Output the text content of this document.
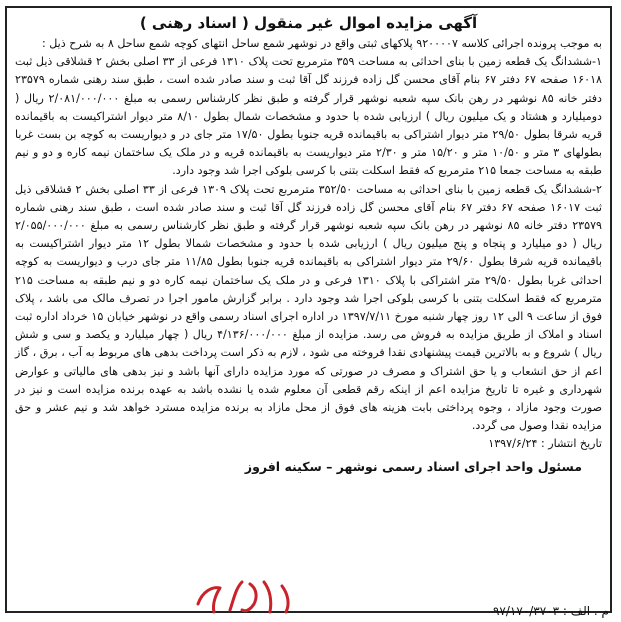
آگهی مزایده اموال غیر منقول ( اسناد رهنی )

به موجب پرونده اجرائی کلاسه ۹۲۰۰۰۰۷ پلاکهای ثبتی واقع در نوشهر شمع ساحل انتهای کوچه شمع ساحل ۸ به شرح ذیل :

۱-ششدانگ یک قطعه زمین با بنای احداثی به مساحت ۳۵۹ مترمربع تحت پلاک ۱۳۱۰ فرعی از ۳۳ اصلی بخش ۲ قشلاقی ذیل ثبت ۱۶۰۱۸ صفحه ۶۷ دفتر ۶۷ بنام آقای محسن گل زاده فرزند گل آقا ثبت و سند صادر شده است ، طبق سند رهنی شماره ۲۳۵۷۹ دفتر خانه ۸۵ نوشهر در رهن بانک سپه شعبه نوشهر قرار گرفته و طبق نظر کارشناس رسمی به مبلغ ۲/۰۸۱/۰۰۰/۰۰۰ ریال ( دومیلیارد و هشتاد و یک میلیون ریال ) ارزیابی شده با حدود و مشخصات شمال بطول ۸/۱۰ متر دیوار اشتراکیست به باقیمانده قریه شرقا بطول ۲۹/۵۰ متر دیوار اشتراکی به باقیمانده قریه جنوبا بطول ۱۷/۵۰ متر جای در و دیواریست به کوچه بن بست غربا بطولهای ۳ متر و ۱۰/۵۰ متر و ۱۵/۲۰ متر و ۲/۳۰ متر دیواریست به باقیمانده قریه و در ملک یک ساختمان نیمه کاره و دو و نیم طبقه به مساحت جمعا ۲۱۵ مترمربع که فقط اسکلت بتنی با کرسی بلوکی اجرا شد وجود دارد.

۲-ششدانگ یک قطعه زمین با بنای احداثی به مساحت ۳۵۲/۵۰ مترمربع تحت پلاک ۱۳۰۹ فرعی از ۳۳ اصلی بخش ۲ قشلاقی ذیل ثبت ۱۶۰۱۷ صفحه ۶۷ دفتر ۶۷ بنام آقای محسن گل زاده فرزند گل آقا ثبت و سند صادر شده است ، طبق سند رهنی شماره ۲۳۵۷۹ دفتر خانه ۸۵ نوشهر در رهن بانک سپه شعبه نوشهر قرار گرفته و طبق نظر کارشناس رسمی به مبلغ ۲/۰۵۵/۰۰۰/۰۰۰ ریال ( دو میلیارد و پنجاه و پنج میلیون ریال ) ارزیابی شده با حدود و مشخصات شمالا بطول ۱۲ متر دیوار اشتراکیست به باقیمانده قریه شرقا بطول ۲۹/۶۰ متر دیوار اشتراکی به باقیمانده قریه جنوبا بطول ۱۱/۸۵ متر جای درب و دیواریست به کوچه احداثی غربا بطول ۲۹/۵۰ متر اشتراکی با پلاک ۱۳۱۰ فرعی و در ملک یک ساختمان نیمه کاره دو و نیم طبقه به مساحت ۲۱۵ مترمربع که فقط اسکلت بتنی با کرسی بلوکی اجرا شد وجود دارد . برابر گزارش مامور اجرا در تصرف مالک می باشد ، پلاک فوق از ساعت ۹ الی ۱۲ روز چهار شنبه مورخ ۱۳۹۷/۷/۱۱ در اداره اجرای اسناد رسمی واقع در نوشهر خیابان ۱۵ خرداد اداره ثبت اسناد و املاک از طریق مزایده به فروش می رسد. مزایده از مبلغ ۴/۱۳۶/۰۰۰/۰۰۰ ریال ( چهار میلیارد و یکصد و سی و شش ریال ) شروع و به بالاترین قیمت پیشنهادی نقدا فروخته می شود ، لازم به ذکر است پرداخت بدهی های مربوط به آب ، برق ، گاز اعم از حق انشعاب و یا حق اشتراک و مصرف در صورتی که مورد مزایده دارای آنها باشد و نیز بدهی های مالیاتی و عوارض شهرداری و غیره تا تاریخ مزایده اعم از اینکه رقم قطعی آن معلوم شده یا نشده باشد به عهده برنده مزایده است و نیز در صورت وجود مازاد ، وجوه پرداختی بابت هزینه های فوق از محل مازاد به برنده مزایده مسترد خواهد شد و نیم عشر و حق مزایده نقدا وصول می گردد.

تاریخ انتشار : ۱۳۹۷/۶/۲۴

مسئول واحد اجرای اسناد رسمی نوشهر – سکینه افروز
م . الف : ۹۷/۱۷۰/۳۷۰۳
